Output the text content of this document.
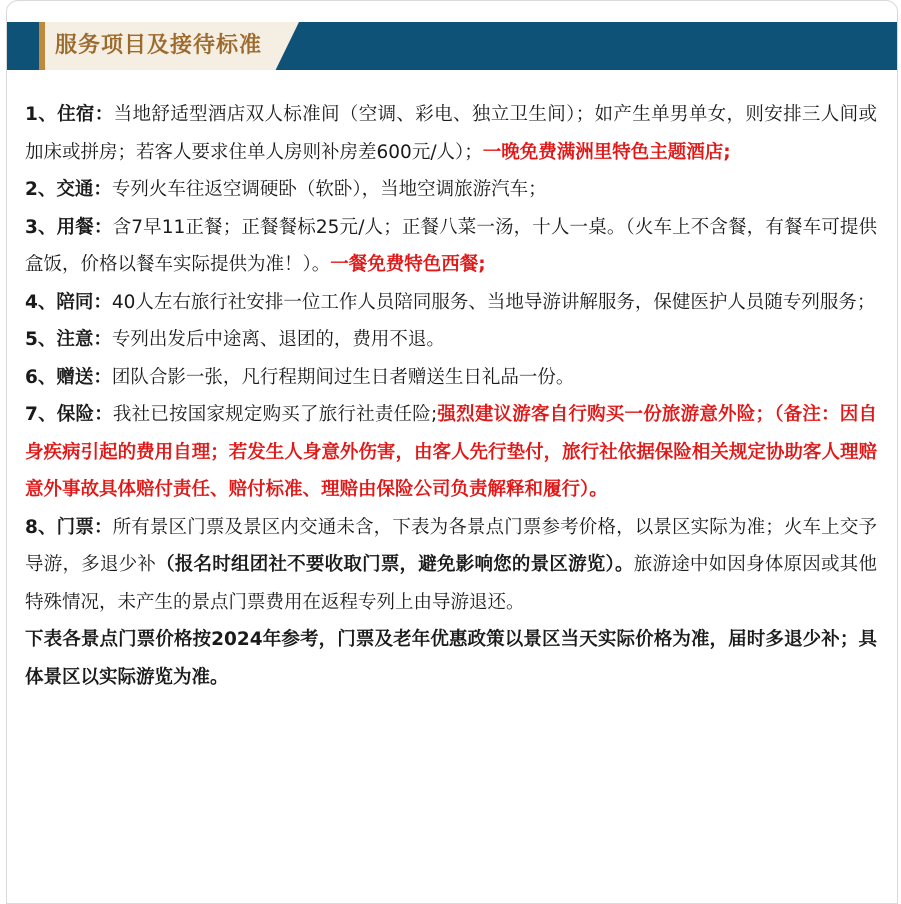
服务项目及接待标准

1、住宿：当地舒适型酒店双人标准间（空调、彩电、独立卫生间）；如产生单男单女，则安排三人间或加床或拼房；若客人要求住单人房则补房差600元/人）；一晚免费满洲里特色主题酒店;

2、交通：专列火车往返空调硬卧（软卧），当地空调旅游汽车；

3、用餐：含7早11正餐；正餐餐标25元/人；正餐八菜一汤，十人一桌。（火车上不含餐，有餐车可提供盒饭，价格以餐车实际提供为准！）。一餐免费特色西餐;

4、陪同：40人左右旅行社安排一位工作人员陪同服务、当地导游讲解服务，保健医护人员随专列服务；

5、注意：专列出发后中途离、退团的，费用不退。

6、赠送：团队合影一张，凡行程期间过生日者赠送生日礼品一份。

7、保险：我社已按国家规定购买了旅行社责任险;强烈建议游客自行购买一份旅游意外险；（备注：因自身疾病引起的费用自理；若发生人身意外伤害，由客人先行垫付，旅行社依据保险相关规定协助客人理赔意外事故具体赔付责任、赔付标准、理赔由保险公司负责解释和履行）。

8、门票：所有景区门票及景区内交通未含，下表为各景点门票参考价格，以景区实际为准；火车上交予导游，多退少补（报名时组团社不要收取门票，避免影响您的景区游览）。旅游途中如因身体原因或其他特殊情况，未产生的景点门票费用在返程专列上由导游退还。

下表各景点门票价格按2024年参考，门票及老年优惠政策以景区当天实际价格为准，届时多退少补；具体景区以实际游览为准。
